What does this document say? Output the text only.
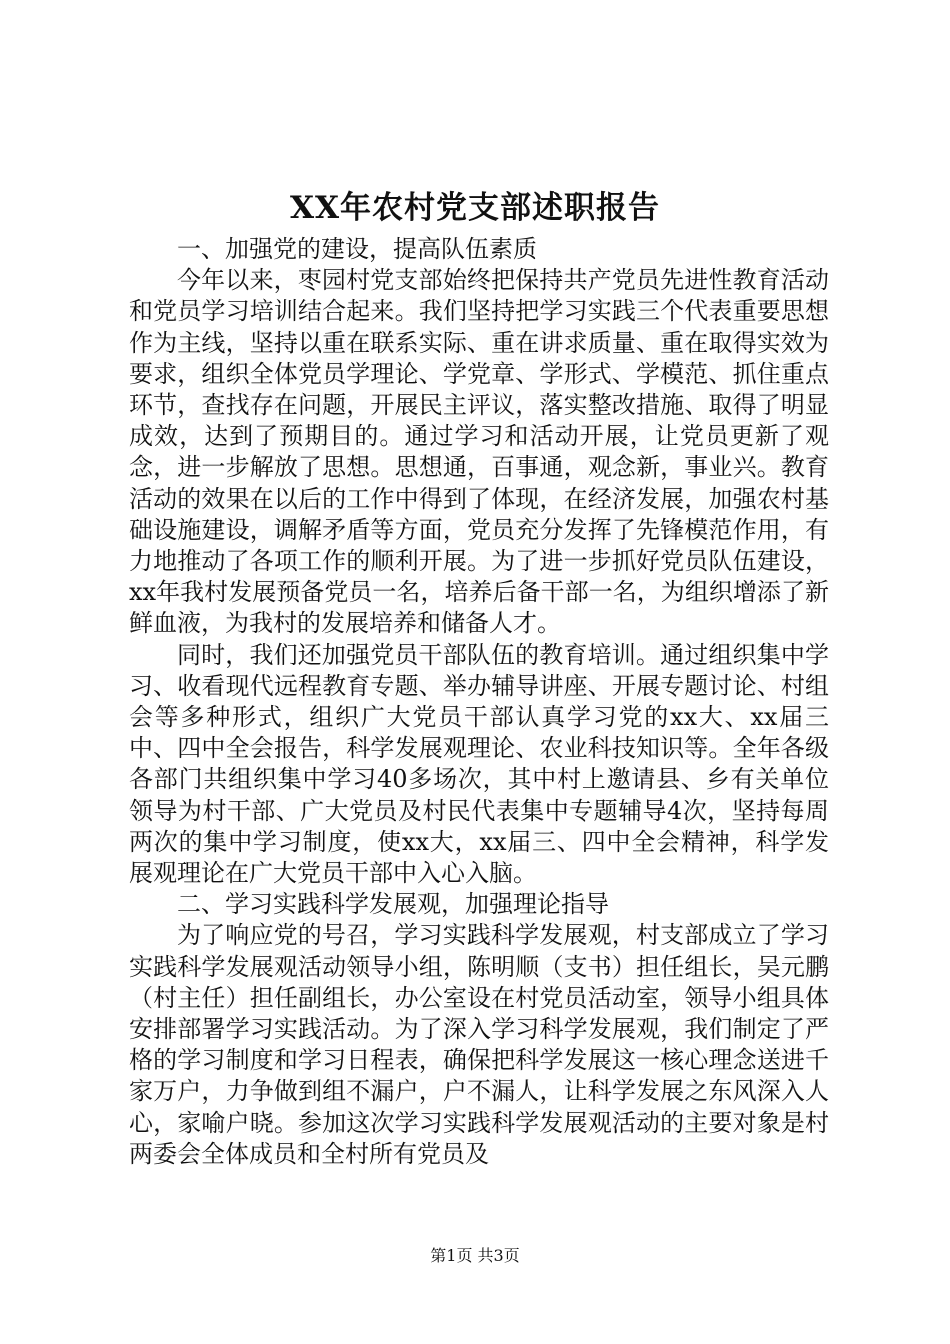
XX年农村党支部述职报告

一、加强党的建设，提高队伍素质

今年以来，枣园村党支部始终把保持共产党员先进性教育活动和党员学习培训结合起来。我们坚持把学习实践三个代表重要思想作为主线，坚持以重在联系实际、重在讲求质量、重在取得实效为要求，组织全体党员学理论、学党章、学形式、学模范、抓住重点环节，查找存在问题，开展民主评议，落实整改措施、取得了明显成效，达到了预期目的。通过学习和活动开展，让党员更新了观念，进一步解放了思想。思想通，百事通，观念新，事业兴。教育活动的效果在以后的工作中得到了体现，在经济发展，加强农村基础设施建设，调解矛盾等方面，党员充分发挥了先锋模范作用，有力地推动了各项工作的顺利开展。为了进一步抓好党员队伍建设，xx年我村发展预备党员一名，培养后备干部一名，为组织增添了新鲜血液，为我村的发展培养和储备人才。

同时，我们还加强党员干部队伍的教育培训。通过组织集中学习、收看现代远程教育专题、举办辅导讲座、开展专题讨论、村组会等多种形式，组织广大党员干部认真学习党的xx大、xx届三中、四中全会报告，科学发展观理论、农业科技知识等。全年各级各部门共组织集中学习40多场次，其中村上邀请县、乡有关单位领导为村干部、广大党员及村民代表集中专题辅导4次，坚持每周两次的集中学习制度，使xx大，xx届三、四中全会精神，科学发展观理论在广大党员干部中入心入脑。

二、学习实践科学发展观，加强理论指导

为了响应党的号召，学习实践科学发展观，村支部成立了学习实践科学发展观活动领导小组，陈明顺（支书）担任组长，吴元鹏（村主任）担任副组长，办公室设在村党员活动室，领导小组具体安排部署学习实践活动。为了深入学习科学发展观，我们制定了严格的学习制度和学习日程表，确保把科学发展这一核心理念送进千家万户，力争做到组不漏户，户不漏人，让科学发展之东风深入人心，家喻户晓。参加这次学习实践科学发展观活动的主要对象是村两委会全体成员和全村所有党员及

第1页 共3页
